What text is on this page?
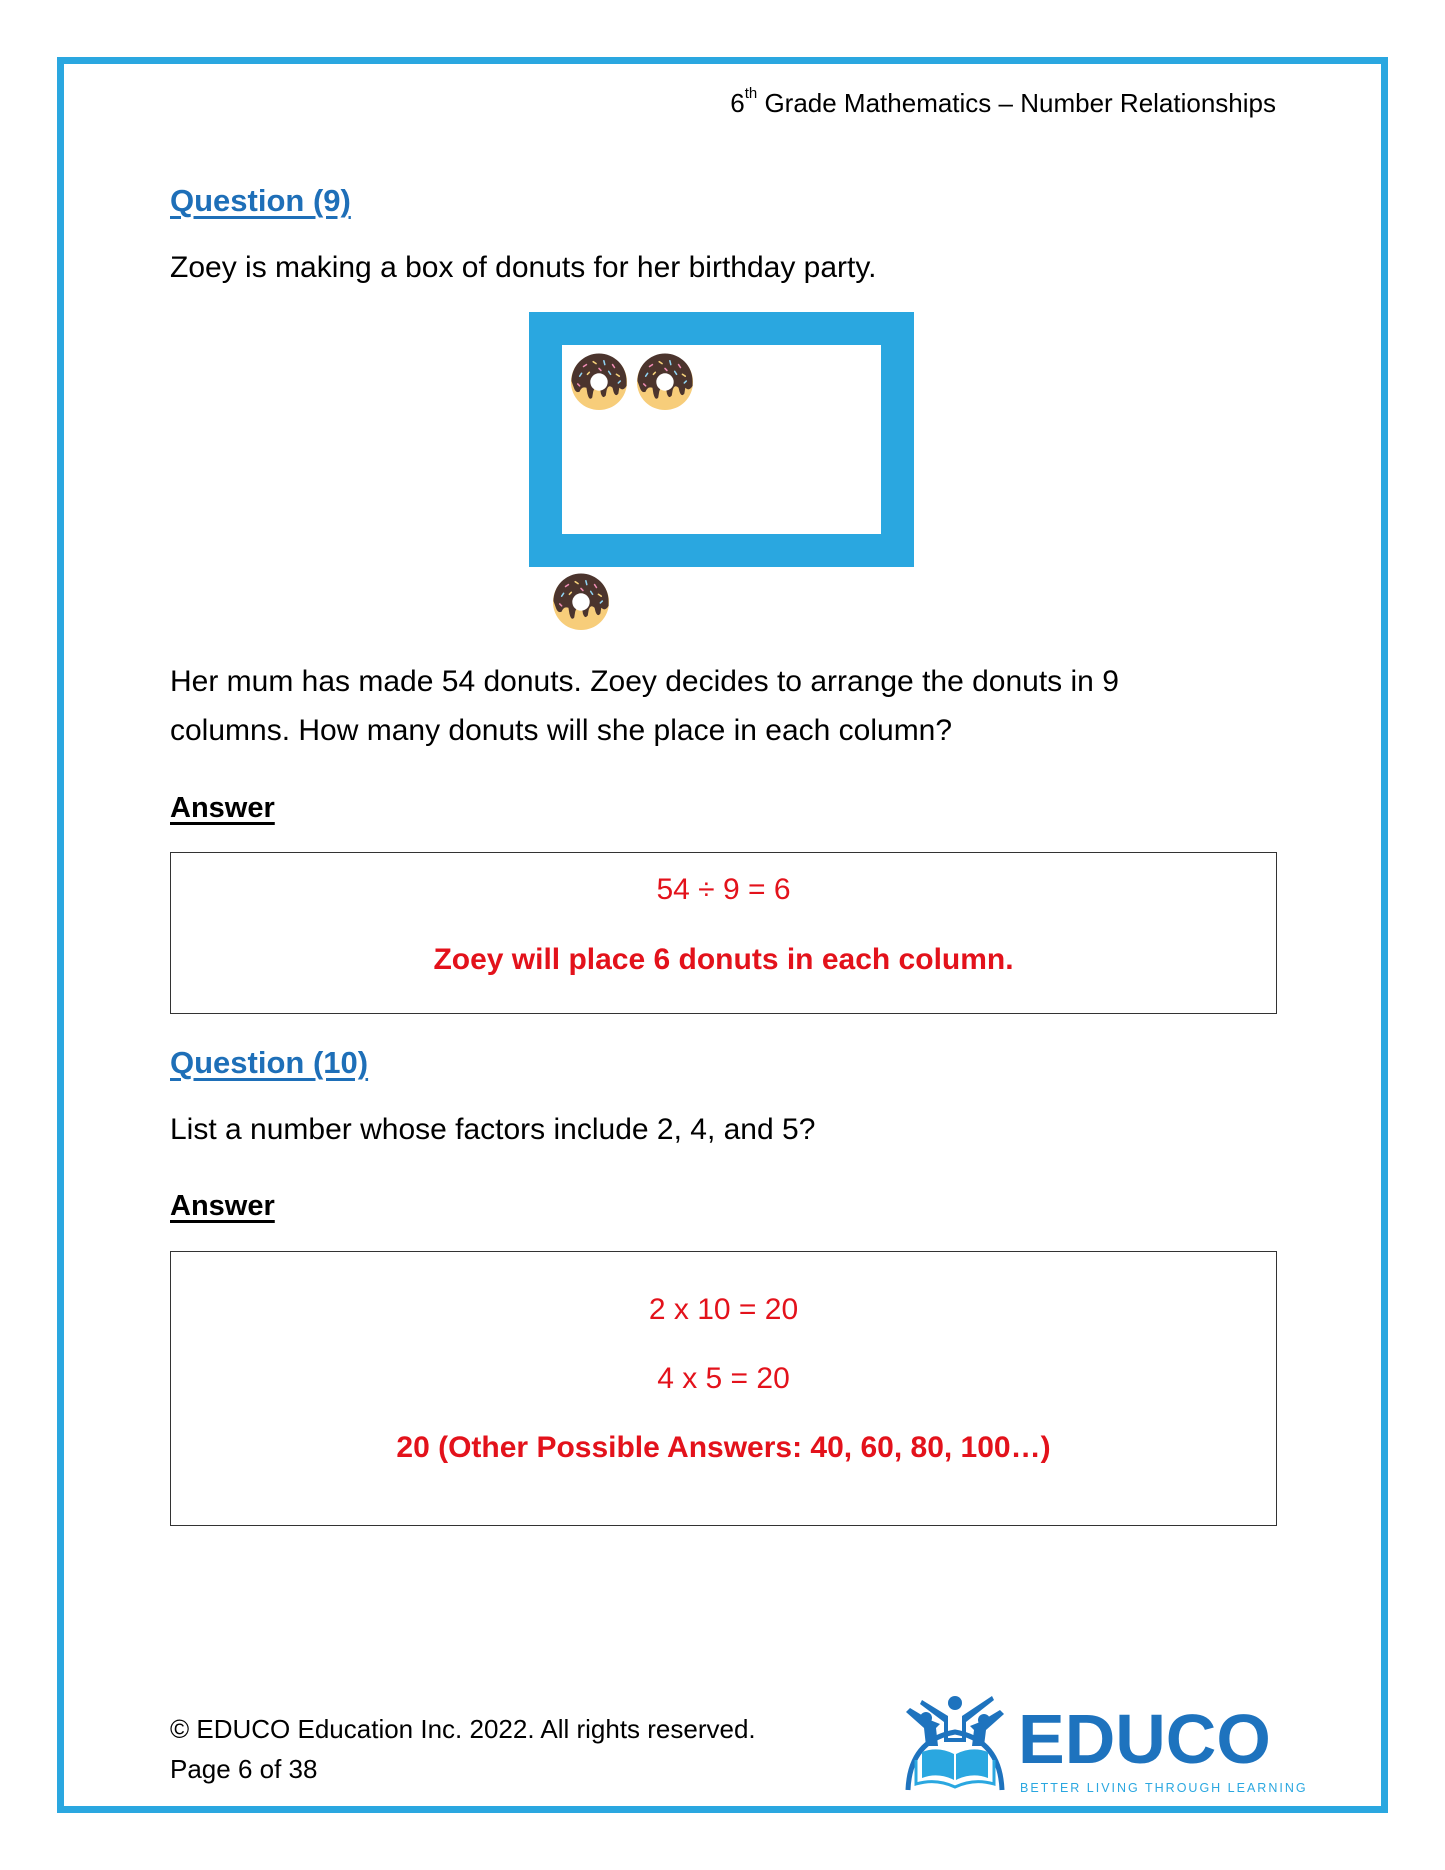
6th Grade Mathematics – Number Relationships
Question (9)
Zoey is making a box of donuts for her birthday party.
Her mum has made 54 donuts. Zoey decides to arrange the donuts in 9
columns. How many donuts will she place in each column?
Answer
54 ÷ 9 = 6
Zoey will place 6 donuts in each column.
Question (10)
List a number whose factors include 2, 4, and 5?
Answer
2 x 10 = 20
4 x 5 = 20
20 (Other Possible Answers: 40, 60, 80, 100…)
© EDUCO Education Inc. 2022. All rights reserved.
Page 6 of 38	EDUCO
BETTER LIVING THROUGH LEARNING
